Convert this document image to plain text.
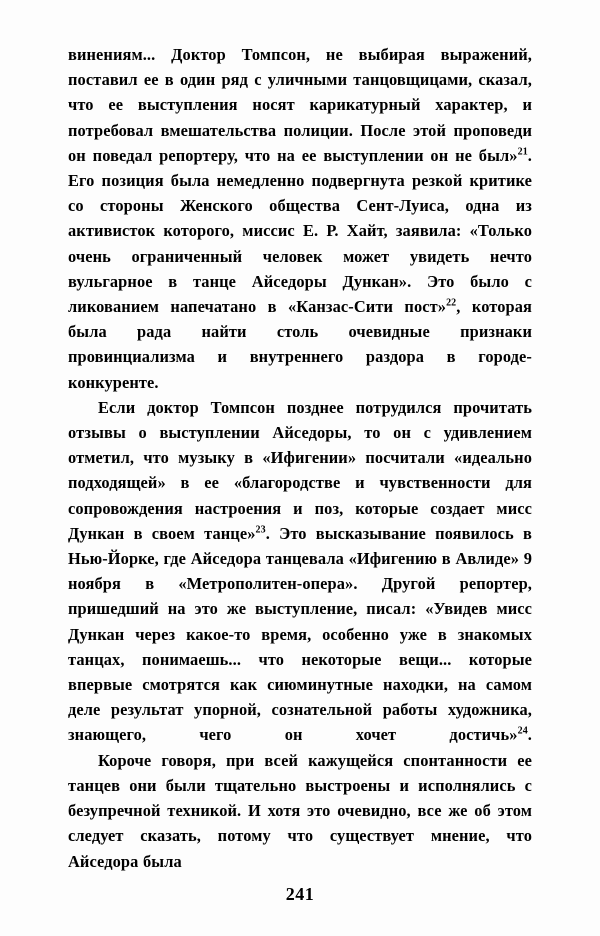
винениям... Доктор Томпсон, не выбирая выражений, поставил ее в один ряд с уличными танцовщицами, сказал, что ее выступления носят карикатурный характер, и потребовал вмешательства полиции. После этой проповеди он поведал репортеру, что на ее выступлении он не был»$^{21}$. Его позиция была немедленно подвергнута резкой критике со стороны Женского общества Сент-Луиса, одна из активисток которого, миссис Е. Р. Хайт, заявила: «Только очень ограниченный человек может увидеть нечто вульгарное в танце Айседоры Дункан». Это было с ликованием напечатано в «Канзас-Сити пост»$^{22}$, которая была рада найти столь очевидные признаки провинциализма и внутреннего раздора в городе-конкуренте.

Если доктор Томпсон позднее потрудился прочитать отзывы о выступлении Айседоры, то он с удивлением отметил, что музыку в «Ифигении» посчитали «идеально подходящей» в ее «благородстве и чувственности для сопровождения настроения и поз, которые создает мисс Дункан в своем танце»$^{23}$. Это высказывание появилось в Нью-Йорке, где Айседора танцевала «Ифигению в Авлиде» 9 ноября в «Метрополитен-опера». Другой репортер, пришедший на это же выступление, писал: «Увидев мисс Дункан через какое-то время, особенно уже в знакомых танцах, понимаешь... что некоторые вещи... которые впервые смотрятся как сиюминутные находки, на самом деле результат упорной, сознательной работы художника, знающего, чего он хочет достичь»$^{24}$.

Короче говоря, при всей кажущейся спонтанности ее танцев они были тщательно выстроены и исполнялись с безупречной техникой. И хотя это очевидно, все же об этом следует сказать, потому что существует мнение, что Айседора была

241
